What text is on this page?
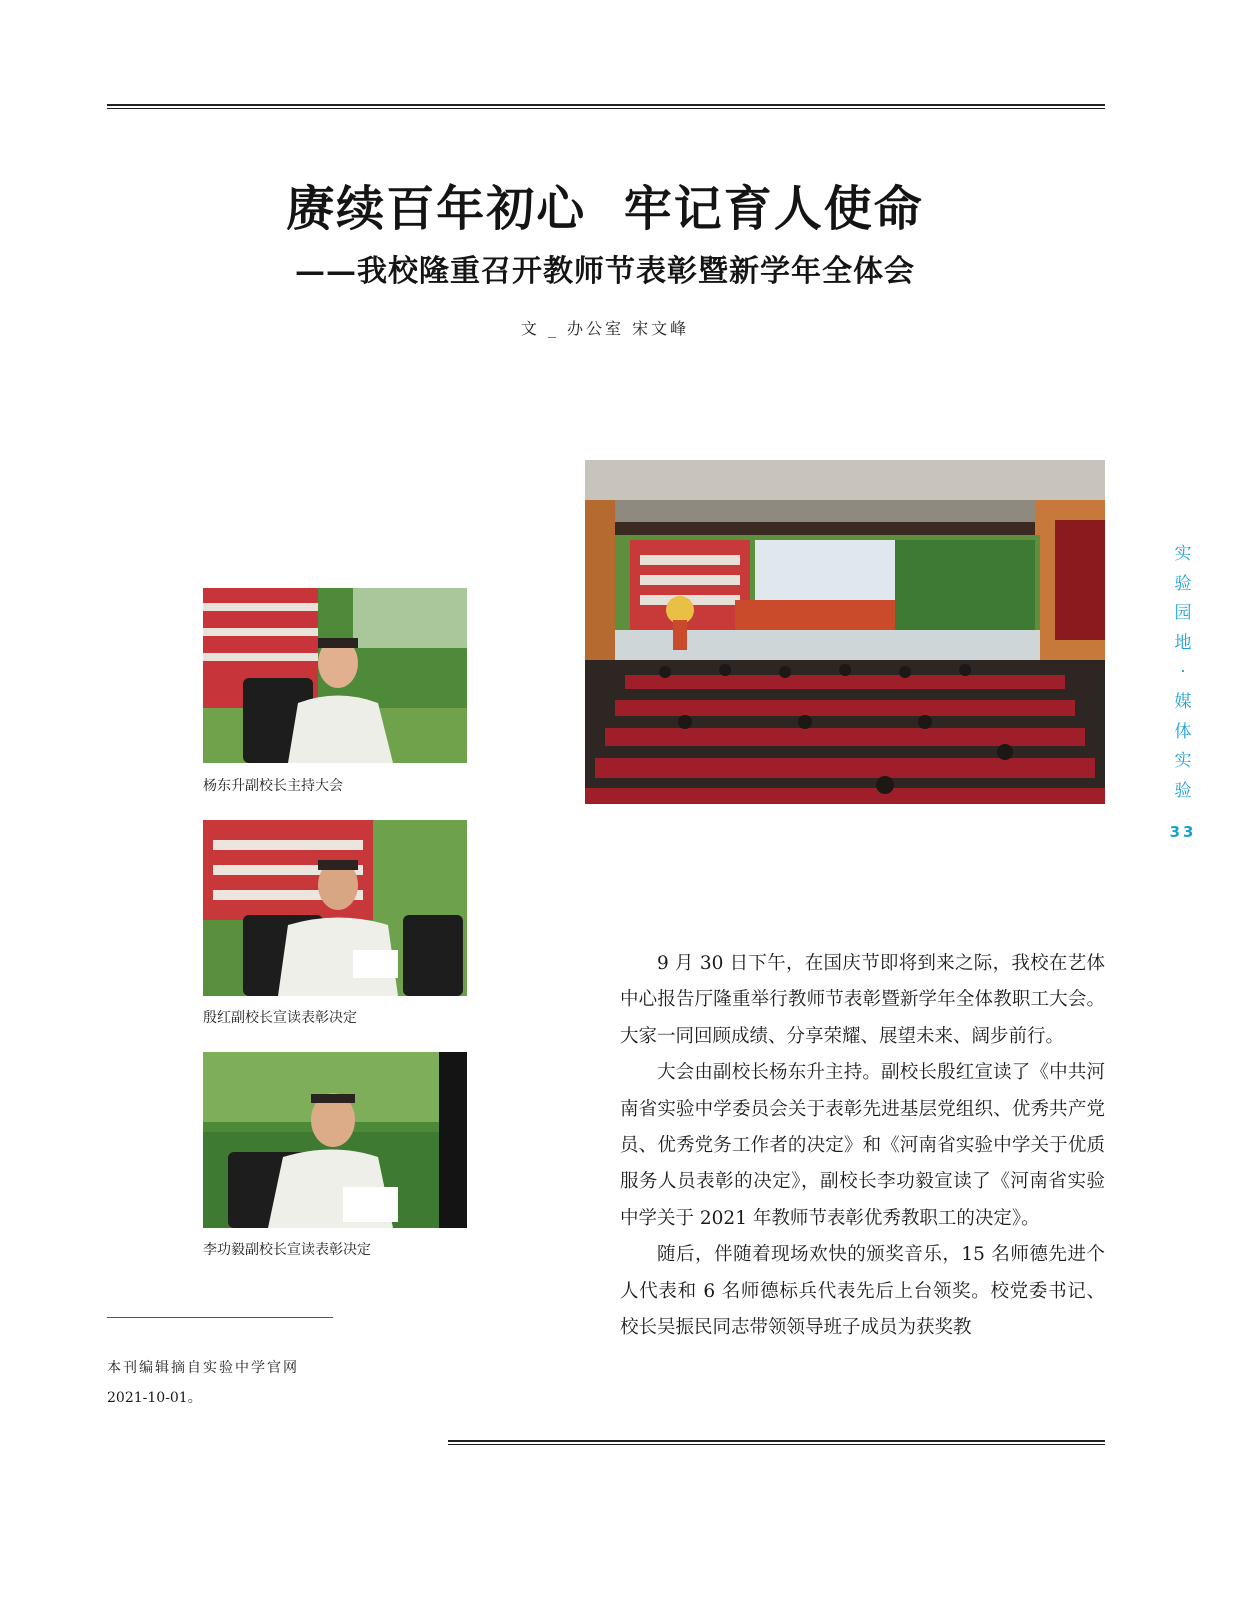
赓续百年初心  牢记育人使命
——我校隆重召开教师节表彰暨新学年全体会
文 _ 办公室 宋文峰
杨东升副校长主持大会
殷红副校长宣读表彰决定
李功毅副校长宣读表彰决定

9 月 30 日下午，在国庆节即将到来之际，我校在艺体中心报告厅隆重举行教师节表彰暨新学年全体教职工大会。大家一同回顾成绩、分享荣耀、展望未来、阔步前行。

大会由副校长杨东升主持。副校长殷红宣读了《中共河南省实验中学委员会关于表彰先进基层党组织、优秀共产党员、优秀党务工作者的决定》和《河南省实验中学关于优质服务人员表彰的决定》，副校长李功毅宣读了《河南省实验中学关于 2021 年教师节表彰优秀教职工的决定》。

随后，伴随着现场欢快的颁奖音乐，15 名师德先进个人代表和 6 名师德标兵代表先后上台领奖。校党委书记、校长吴振民同志带领领导班子成员为获奖教

实
验
园
地
·
媒
体
实
验
33
本刊编辑摘自实验中学官网
2021-10-01。
